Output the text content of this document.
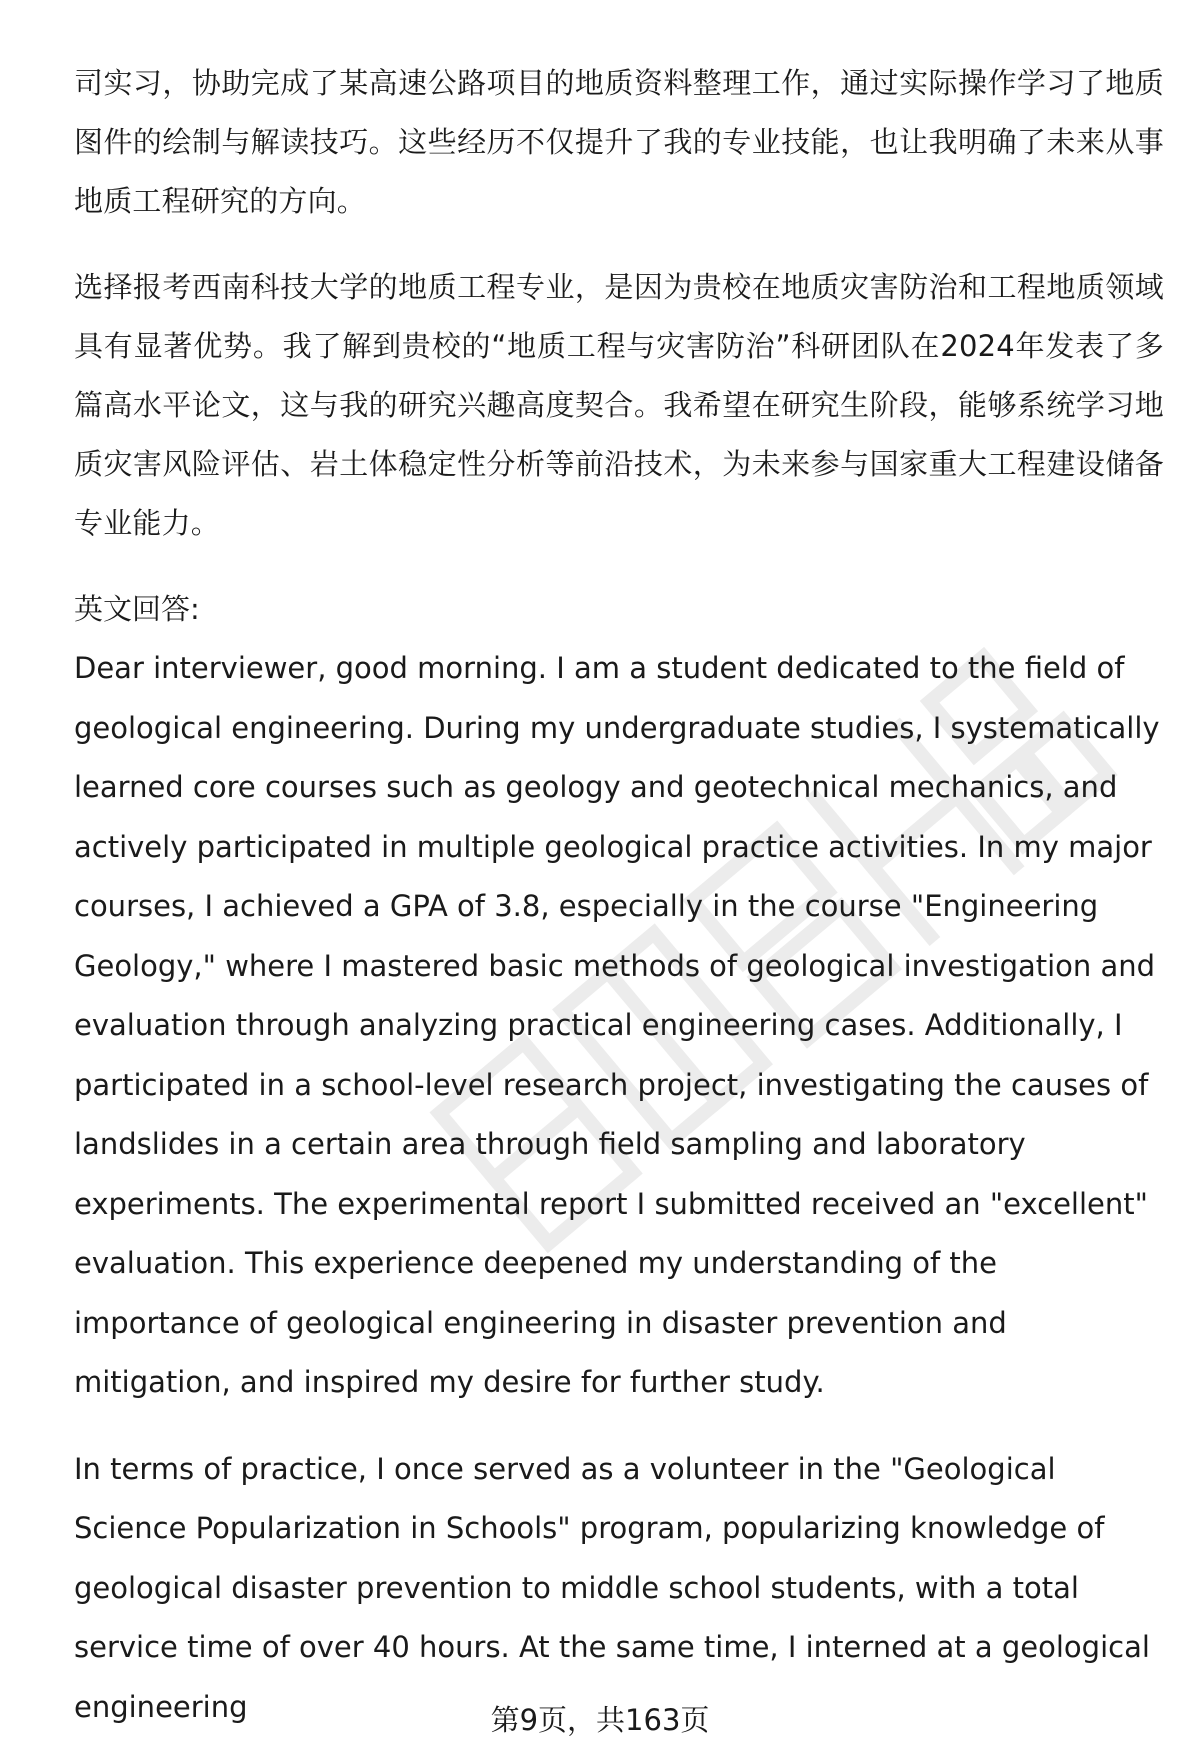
司实习，协助完成了某高速公路项目的地质资料整理工作，通过实际操作学习了地质图件的绘制与解读技巧。这些经历不仅提升了我的专业技能，也让我明确了未来从事地质工程研究的方向。

选择报考西南科技大学的地质工程专业，是因为贵校在地质灾害防治和工程地质领域具有显著优势。我了解到贵校的“地质工程与灾害防治”科研团队在2024年发表了多篇高水平论文，这与我的研究兴趣高度契合。我希望在研究生阶段，能够系统学习地质灾害风险评估、岩土体稳定性分析等前沿技术，为未来参与国家重大工程建设储备专业能力。

英文回答:

Dear interviewer, good morning. I am a student dedicated to the field of geological engineering. During my undergraduate studies, I systematically learned core courses such as geology and geotechnical mechanics, and actively participated in multiple geological practice activities. In my major courses, I achieved a GPA of 3.8, especially in the course "Engineering Geology," where I mastered basic methods of geological investigation and evaluation through analyzing practical engineering cases. Additionally, I participated in a school-level research project, investigating the causes of landslides in a certain area through field sampling and laboratory experiments. The experimental report I submitted received an "excellent" evaluation. This experience deepened my understanding of the importance of geological engineering in disaster prevention and mitigation, and inspired my desire for further study.

In terms of practice, I once served as a volunteer in the "Geological Science Popularization in Schools" program, popularizing knowledge of geological disaster prevention to middle school students, with a total service time of over 40 hours. At the same time, I interned at a geological engineering	第9页，共163页
